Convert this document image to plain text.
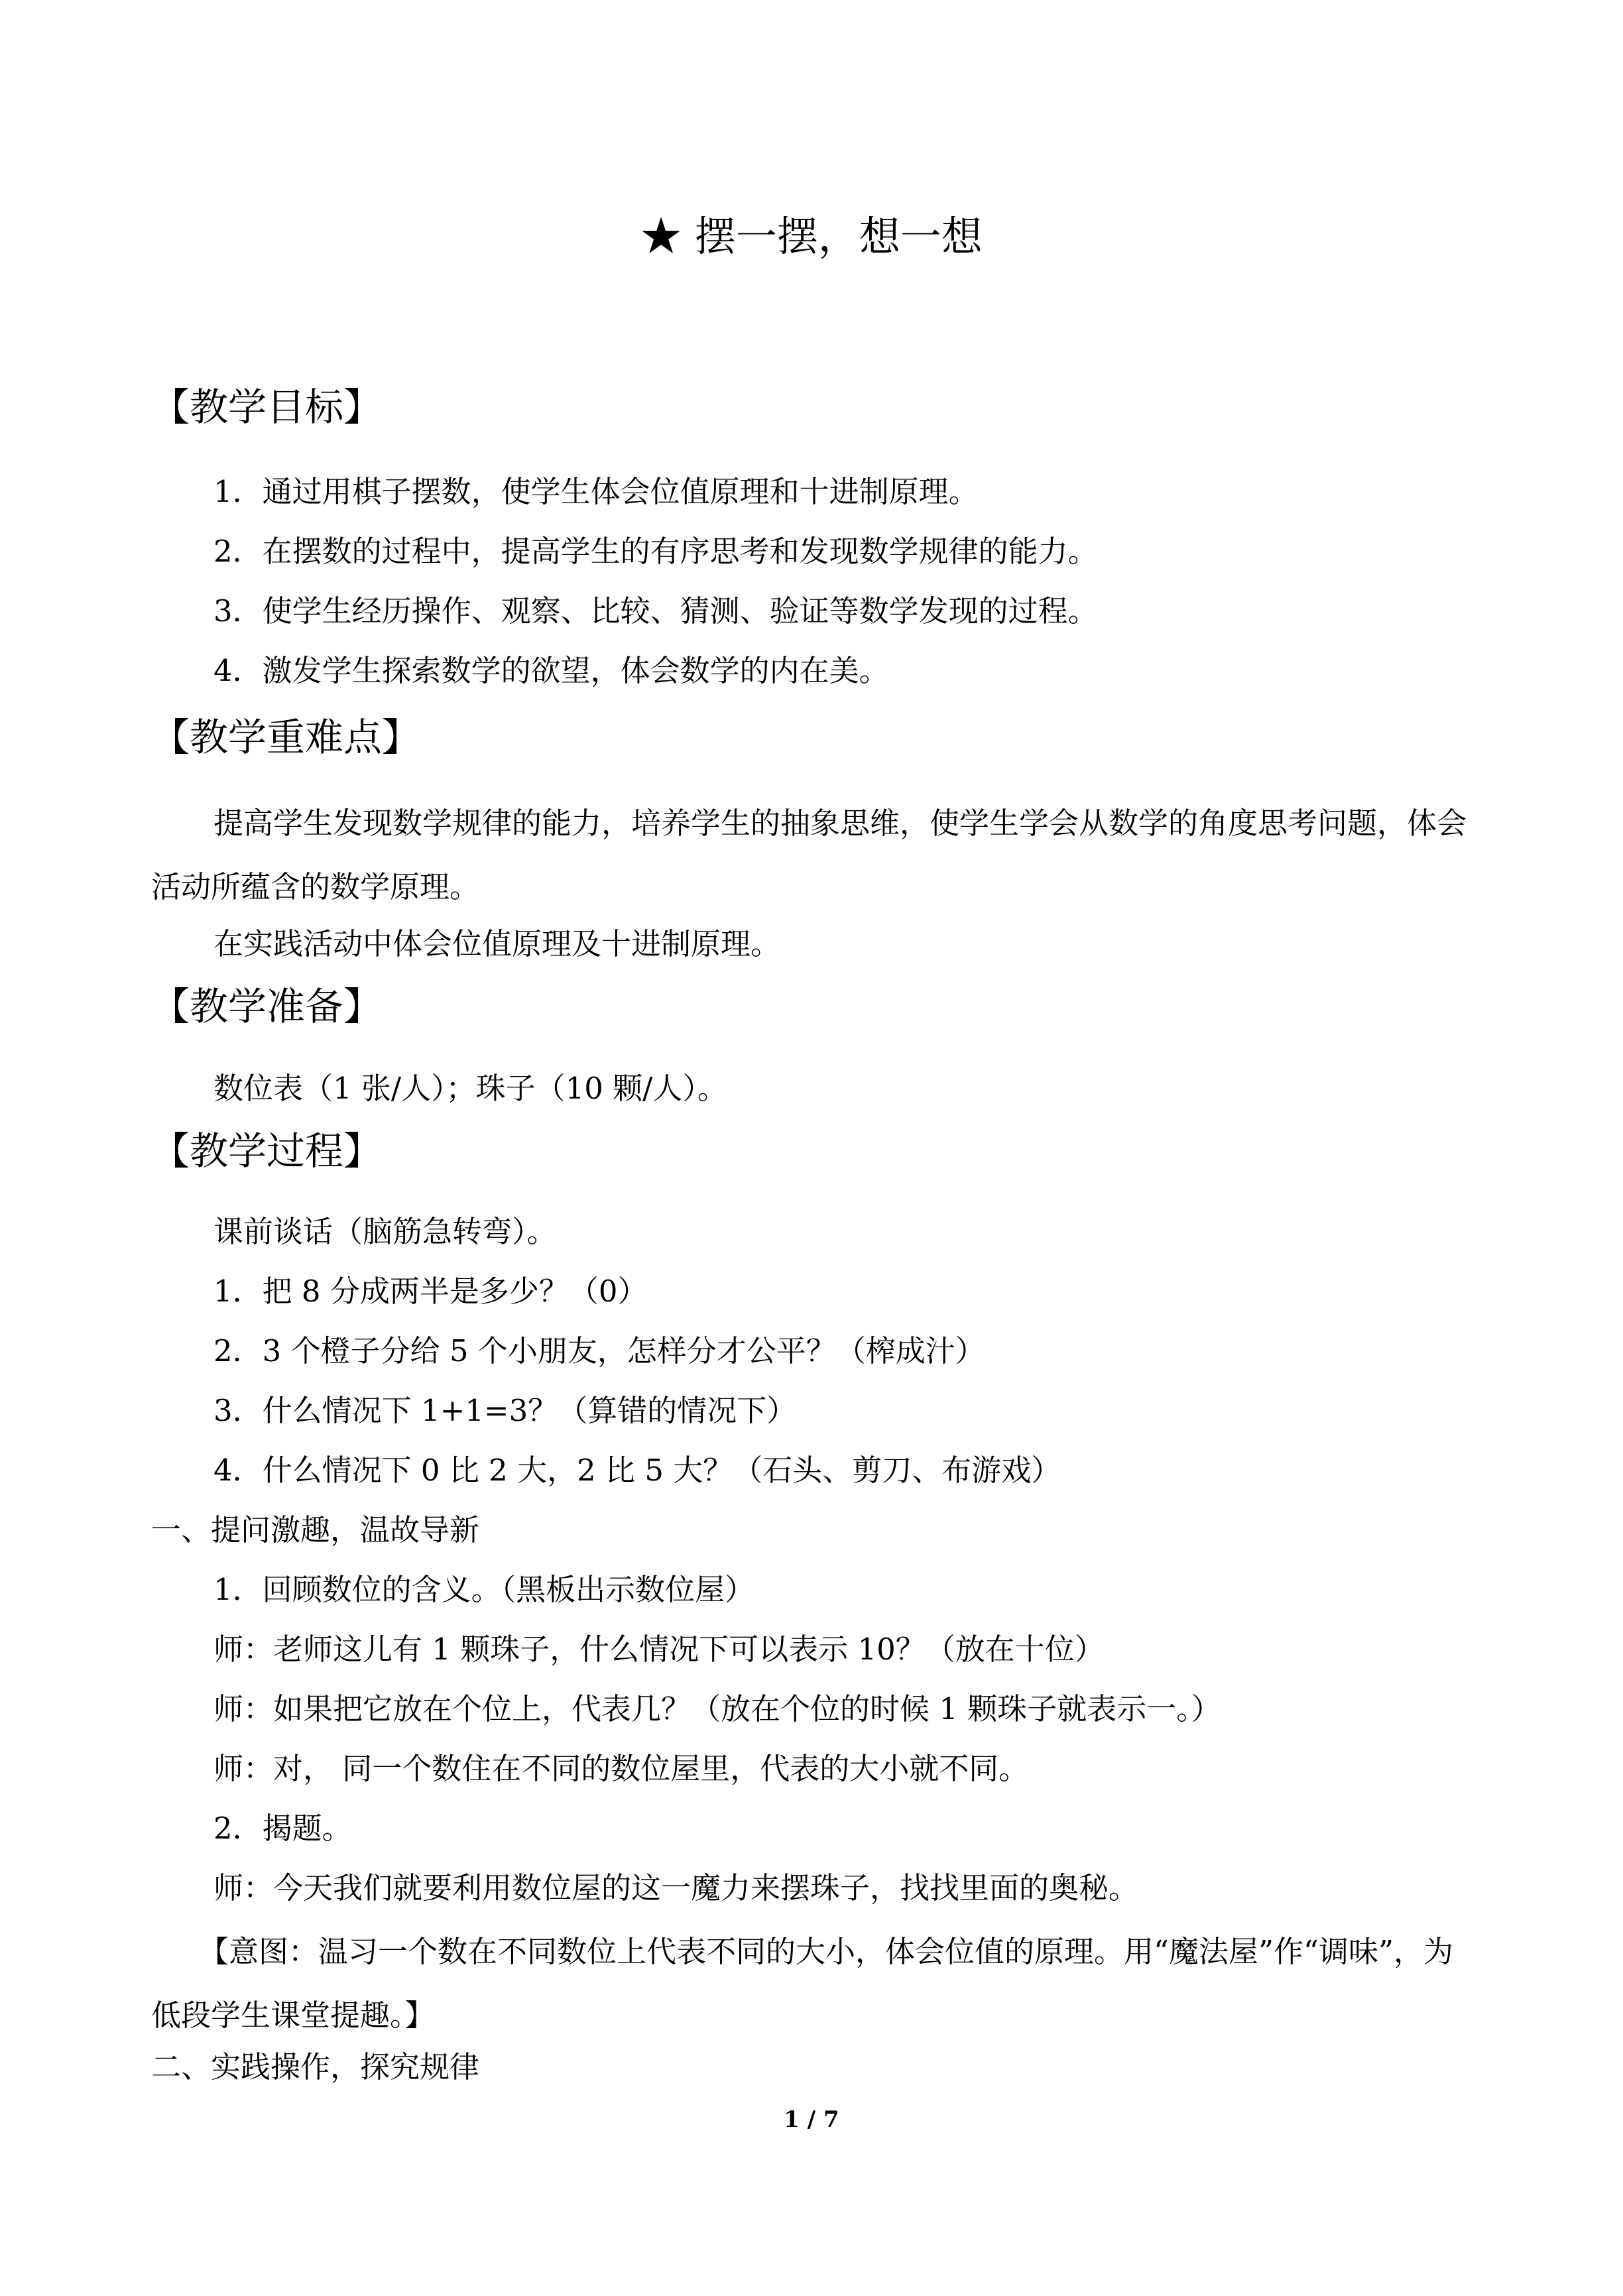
★ 摆一摆，想一想
【教学目标】
1．通过用棋子摆数，使学生体会位值原理和十进制原理。
2．在摆数的过程中，提高学生的有序思考和发现数学规律的能力。
3．使学生经历操作、观察、比较、猜测、验证等数学发现的过程。
4．激发学生探索数学的欲望，体会数学的内在美。
【教学重难点】
提高学生发现数学规律的能力，培养学生的抽象思维，使学生学会从数学的角度思考问题，体会活动所蕴含的数学原理。
在实践活动中体会位值原理及十进制原理。
【教学准备】
数位表（1 张/人）；珠子（10 颗/人）。
【教学过程】
课前谈话（脑筋急转弯）。
1．把 8 分成两半是多少？（0）
2．3 个橙子分给 5 个小朋友，怎样分才公平？（榨成汁）
3．什么情况下 1+1=3？（算错的情况下）
4．什么情况下 0 比 2 大，2 比 5 大？（石头、剪刀、布游戏）
一、提问激趣，温故导新
1．回顾数位的含义。（黑板出示数位屋）
师：老师这儿有 1 颗珠子，什么情况下可以表示 10？（放在十位）
师：如果把它放在个位上，代表几？（放在个位的时候 1 颗珠子就表示一。）
师：对， 同一个数住在不同的数位屋里，代表的大小就不同。
2．揭题。
师：今天我们就要利用数位屋的这一魔力来摆珠子，找找里面的奥秘。
【意图：温习一个数在不同数位上代表不同的大小，体会位值的原理。用“魔法屋”作“调味”，为低段学生课堂提趣。】
二、实践操作，探究规律
1 / 7
